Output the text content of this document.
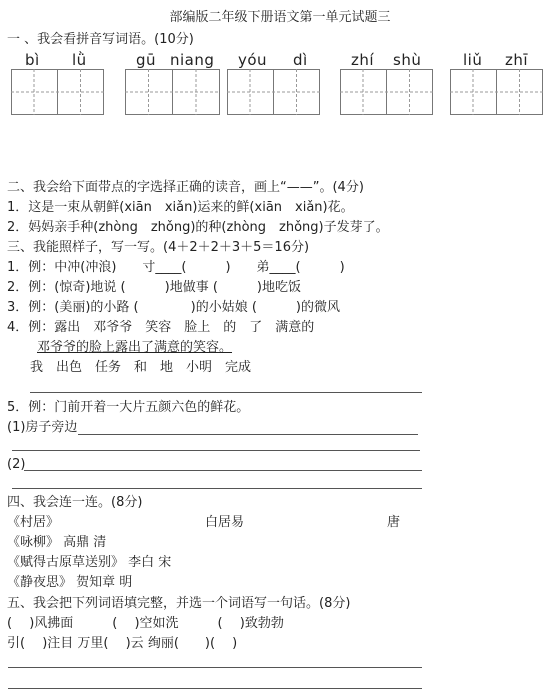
部编版二年级下册语文第一单元试题三
一 、我会看拼音写词语。(10分)
bì lǜ	gū niang yóu dì	zhí shù	liǔ zhī
二、我会给下面带点的字选择正确的读音，画上“——”。(4分)
1．这是一束从朝鲜(xiān　xiǎn)运来的鲜(xiān　xiǎn)花。
2．妈妈亲手种(zhòng　zhǒng)的种(zhòng　zhǒng)子发芽了。
三、我能照样子，写一写。(4＋2＋2＋3＋5＝16分)
1．例：中冲(冲浪)　　寸____(　　　)　　弟____(　　　)
2．例：(惊奇)地说 (　　　)地做事 (　　　)地吃饭
3．例：(美丽)的小路 (　　　　)的小姑娘 (　　　)的微风
4．例：露出　邓爷爷　笑容　脸上　的　了　满意的
邓爷爷的脸上露出了满意的笑容。
我　出色　任务　和　地　小明　完成
5．例：门前开着一大片五颜六色的鲜花。
(1)房子旁边
(2)
四、我会连一连。(8分)
《村居》	白居易	唐
《咏柳》 高鼎 清
《赋得古原草送别》 李白 宋
《静夜思》 贺知章 明
五、我会把下列词语填完整，并选一个词语写一句话。(8分)
(　 )风拂面　　　(　 )空如洗　　　(　 )致勃勃
引(　 )注目 万里(　 )云 绚丽(　　)(　 )
